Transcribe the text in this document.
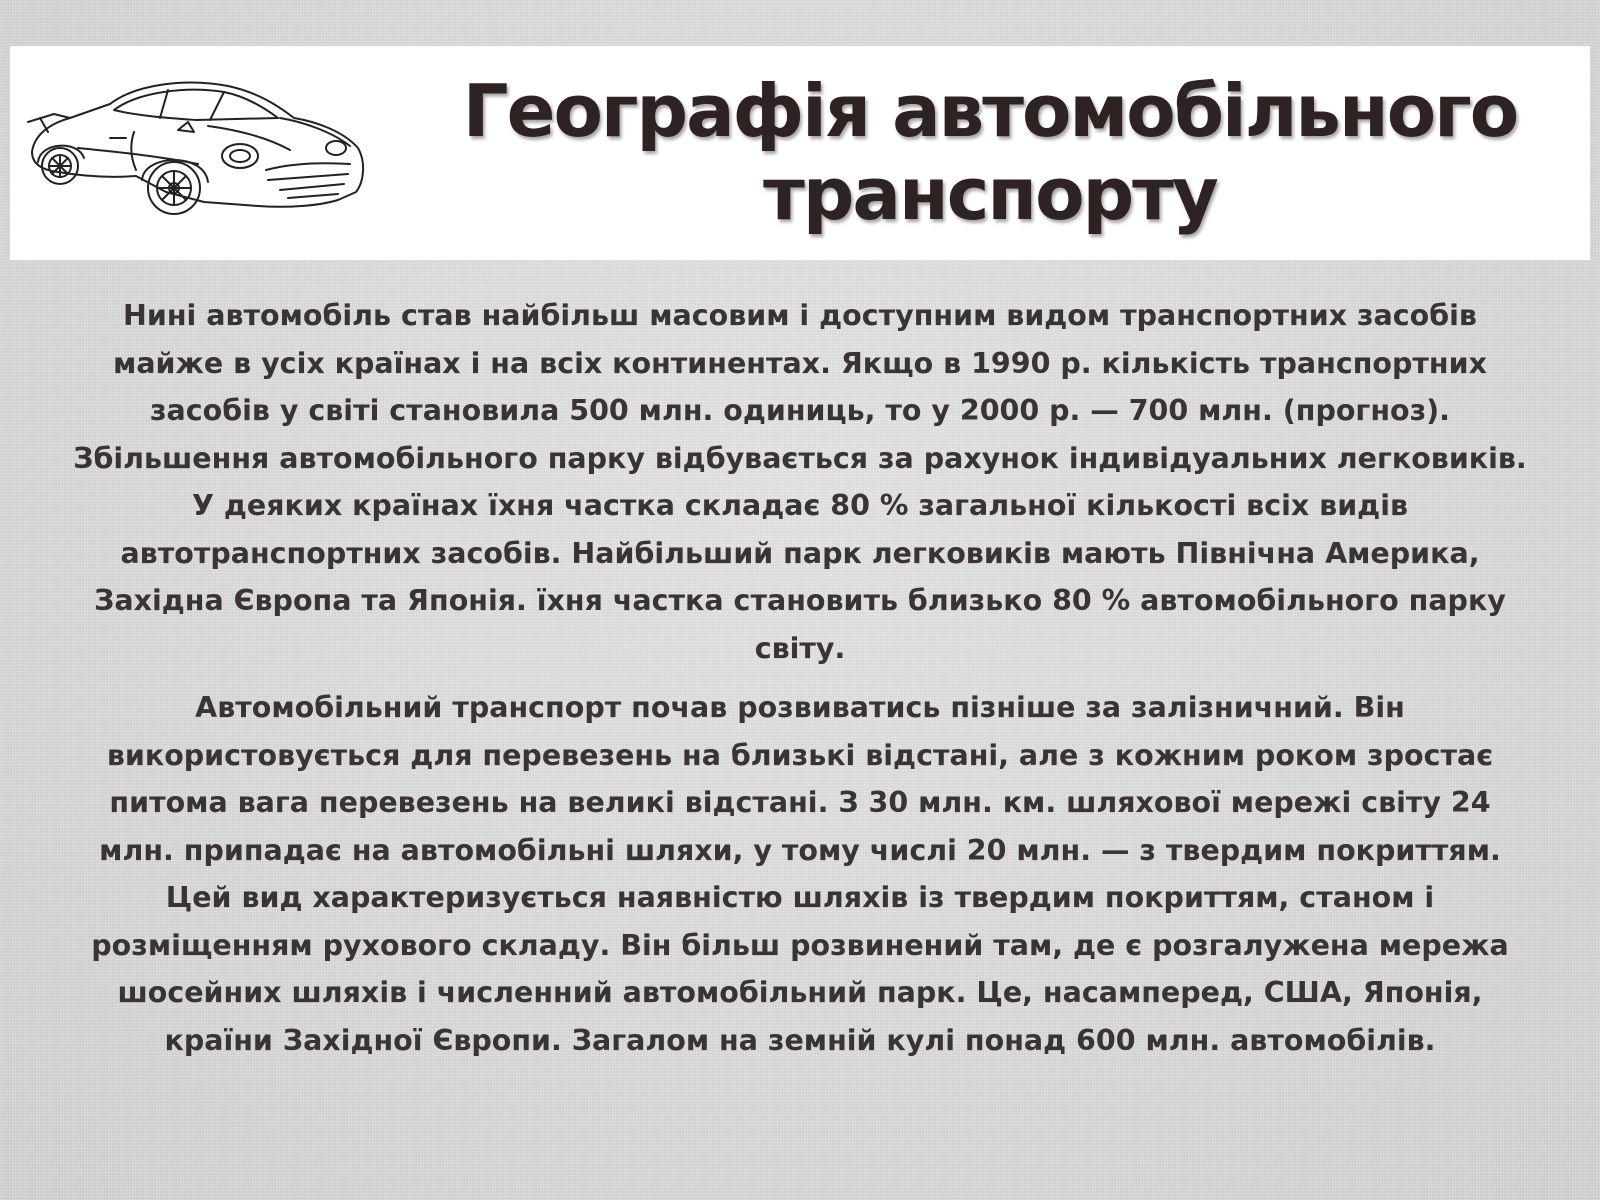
Географія автомобільного транспорту

Нині автомобіль став найбільш масовим і доступним видом транспортних засобів майже в усіх країнах і на всіх континентах. Якщо в 1990 р. кількість транспортних засобів у світі становила 500 млн. одиниць, то у 2000 р. — 700 млн. (прогноз). Збільшення автомобільного парку відбувається за рахунок індивідуальних легковиків. У деяких країнах їхня частка складає 80 % загальної кількості всіх видів автотранспортних засобів. Найбільший парк легковиків мають Північна Америка, Західна Європа та Японія. їхня частка становить близько 80 % автомобільного парку світу.

Автомобільний транспорт почав розвиватись пізніше за залізничний. Він використовується для перевезень на близькі відстані, але з кожним роком зростає питома вага перевезень на великі відстані. З 30 млн. км. шляхової мережі світу 24 млн. припадає на автомобільні шляхи, у тому числі 20 млн. — з твердим покриттям. Цей вид характеризується наявністю шляхів із твердим покриттям, станом і розміщенням рухового складу. Він більш розвинений там, де є розгалужена мережа шосейних шляхів і численний автомобільний парк. Це, насамперед, США, Японія, країни Західної Європи. Загалом на земній кулі понад 600 млн. автомобілів.
